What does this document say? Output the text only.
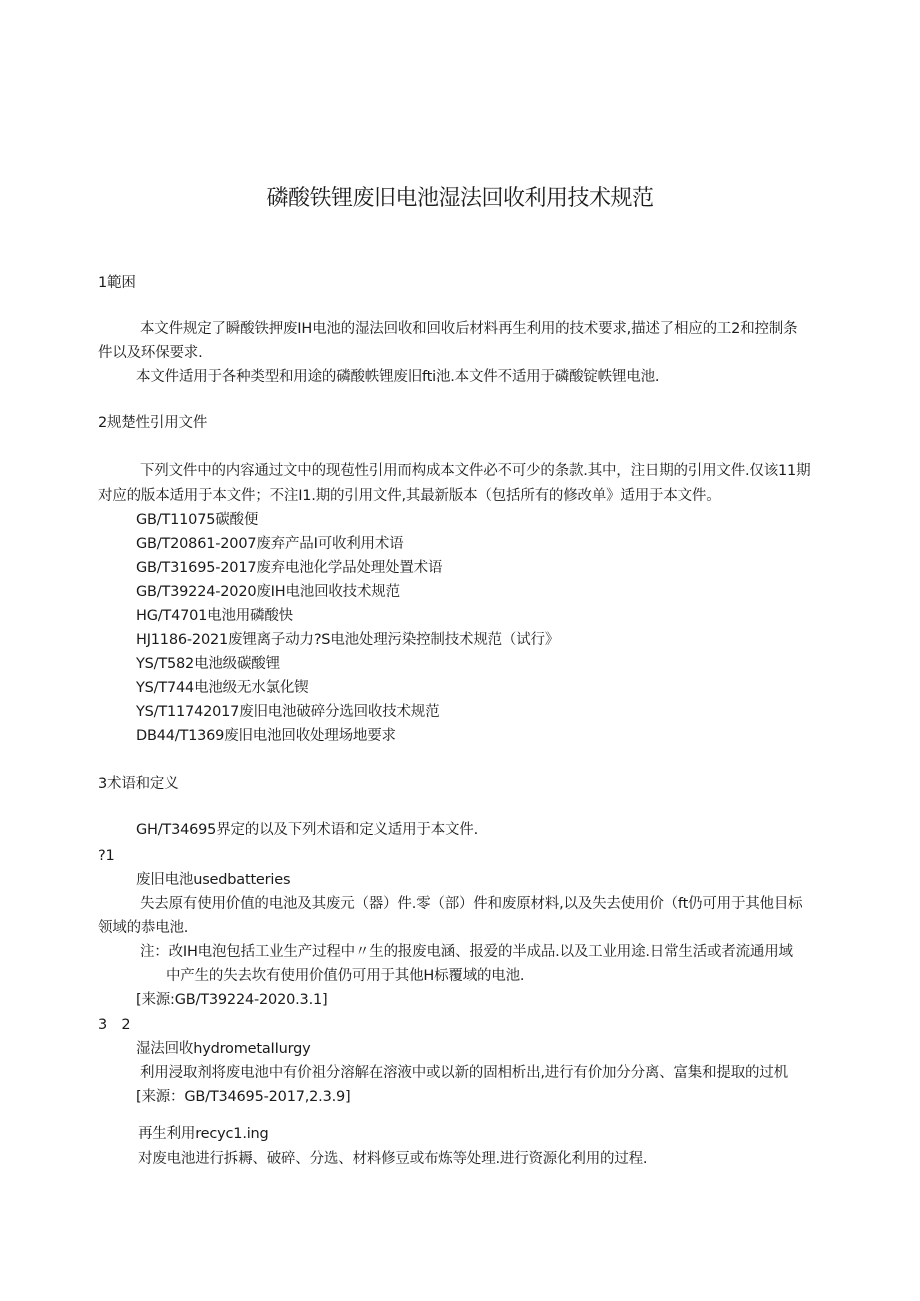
磷酸铁锂废旧电池湿法回收利用技术规范
1範困
本文件规定了瞬酸铁押废IH电池的湿法回收和回收后材料再生利用的技术要求,描述了相应的工2和控制条
件以及环保要求.
本文件适用于各种类型和用途的磷酸帙锂废旧fti池.本文件不适用于磷酸锭帙锂电池.
2规楚性引用文件
下列文件中的内容通过文中的现苞性引用而构成本文件必不可少的条款.其中，注日期的引用文件.仅该11期
对应的版本适用于本文件；不注I1.期的引用文件,其最新版本（包括所有的修改单》适用于本文件。
GB/T11075碳酸便
GB/T20861-2007废弃产品I可收利用术语
GB/T31695-2017废弃电池化学品处理处置术语
GB/T39224-2020废IH电池回收技术规范
HG/T4701电池用磷酸快
HJ1186-2021废锂离子动力?S电池处理污染控制技术规范（试行》
YS/T582电池级碳酸锂
YS/T744电池级无水氯化锲
YS/T11742017废旧电池破碎分选回收技术规范
DB44/T1369废旧电池回收处理场地要求
3术语和定义
GH/T34695界定的以及下列术语和定义适用于本文件.
?1
废旧电池usedbatteries
失去原有使用价值的电池及其废元（器）件.零（部）件和废原材料,以及失去使用价（ft仍可用于其他目标
领域的恭电池.
注：改IH电泡包括工业生产过程中〃生的报废电涵、报爱的半成品.以及工业用途.日常生活或者流通用域
中产生的失去坎有使用价值仍可用于其他H标覆域的电池.
[来源:GB/T39224-2020.3.1]
3　2
湿法回收hydrometaIIurgy
利用浸取剂将废电池中有价祖分溶解在溶液中或以新的固相析出,进行有价加分分离、富集和提取的过机
[来源：GB/T34695-2017,2.3.9]
再生利用recyc1.ing
对废电池进行拆耨、破碎、分选、材料修豆或布炼等处理.进行资源化利用的过程.
